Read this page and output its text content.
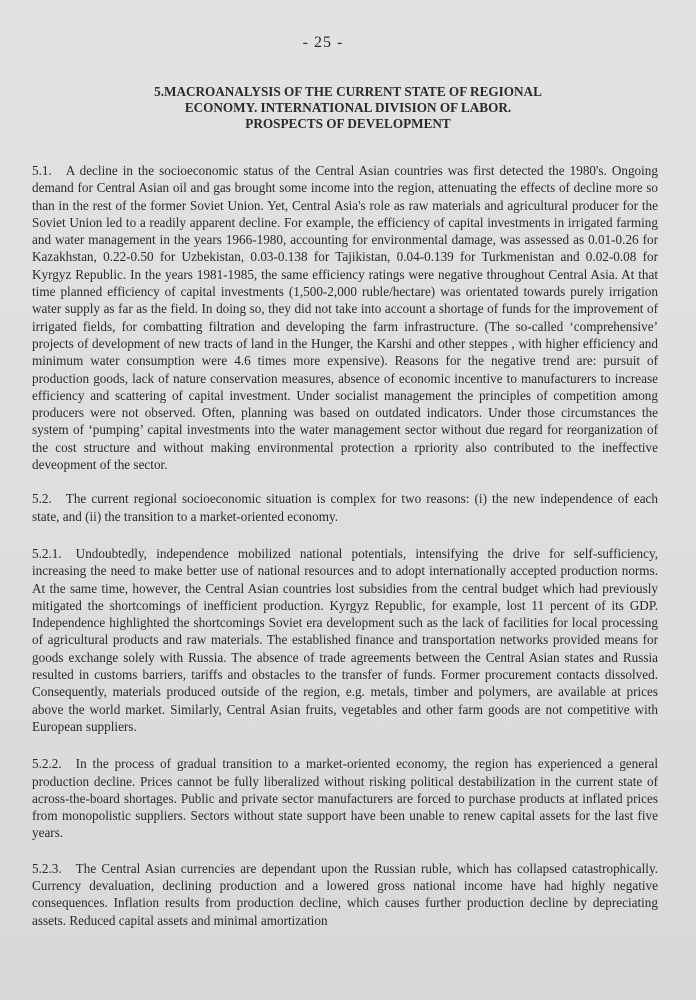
- 25 -
5.MACROANALYSIS OF THE CURRENT STATE OF REGIONAL
ECONOMY. INTERNATIONAL DIVISION OF LABOR.
PROSPECTS OF DEVELOPMENT

5.1. A decline in the socioeconomic status of the Central Asian countries was first detected the 1980's. Ongoing demand for Central Asian oil and gas brought some income into the region, attenuating the effects of decline more so than in the rest of the former Soviet Union. Yet, Central Asia's role as raw materials and agricultural producer for the Soviet Union led to a readily apparent decline. For example, the efficiency of capital investments in irrigated farming and water management in the years 1966-1980, accounting for environmental damage, was assessed as 0.01-0.26 for Kazakhstan, 0.22-0.50 for Uzbekistan, 0.03-0.138 for Tajikistan, 0.04-0.139 for Turkmenistan and 0.02-0.08 for Kyrgyz Republic. In the years 1981-1985, the same efficiency ratings were negative throughout Central Asia. At that time planned efficiency of capital investments (1,500-2,000 ruble/hectare) was orientated towards purely irrigation water supply as far as the field. In doing so, they did not take into account a shortage of funds for the improvement of irrigated fields, for combatting filtration and developing the farm infrastructure. (The so-called ‘comprehensive’ projects of development of new tracts of land in the Hunger, the Karshi and other steppes , with higher efficiency and minimum water consumption were 4.6 times more expensive). Reasons for the negative trend are: pursuit of production goods, lack of nature conservation measures, absence of economic incentive to manufacturers to increase efficiency and scattering of capital investment. Under socialist management the principles of competition among producers were not observed. Often, planning was based on outdated indicators. Under those circumstances the system of ‘pumping’ capital investments into the water management sector without due regard for reorganization of the cost structure and without making environmental protection a rpriority also contributed to the ineffective deveopment of the sector.

5.2. The current regional socioeconomic situation is complex for two reasons: (i) the new independence of each state, and (ii) the transition to a market-oriented economy.

5.2.1. Undoubtedly, independence mobilized national potentials, intensifying the drive for self-sufficiency, increasing the need to make better use of national resources and to adopt internationally accepted production norms. At the same time, however, the Central Asian countries lost subsidies from the central budget which had previously mitigated the shortcomings of inefficient production. Kyrgyz Republic, for example, lost 11 percent of its GDP. Independence highlighted the shortcomings Soviet era development such as the lack of facilities for local processing of agricultural products and raw materials. The established finance and transportation networks provided means for goods exchange solely with Russia. The absence of trade agreements between the Central Asian states and Russia resulted in customs barriers, tariffs and obstacles to the transfer of funds. Former procurement contacts dissolved. Consequently, materials produced outside of the region, e.g. metals, timber and polymers, are available at prices above the world market. Similarly, Central Asian fruits, vegetables and other farm goods are not competitive with European suppliers.

5.2.2. In the process of gradual transition to a market-oriented economy, the region has experienced a general production decline. Prices cannot be fully liberalized without risking political destabilization in the current state of across-the-board shortages. Public and private sector manufacturers are forced to purchase products at inflated prices from monopolistic suppliers. Sectors without state support have been unable to renew capital assets for the last five years.

5.2.3. The Central Asian currencies are dependant upon the Russian ruble, which has collapsed catastrophically. Currency devaluation, declining production and a lowered gross national income have had highly negative consequences. Inflation results from production decline, which causes further production decline by depreciating assets. Reduced capital assets and minimal amortization
